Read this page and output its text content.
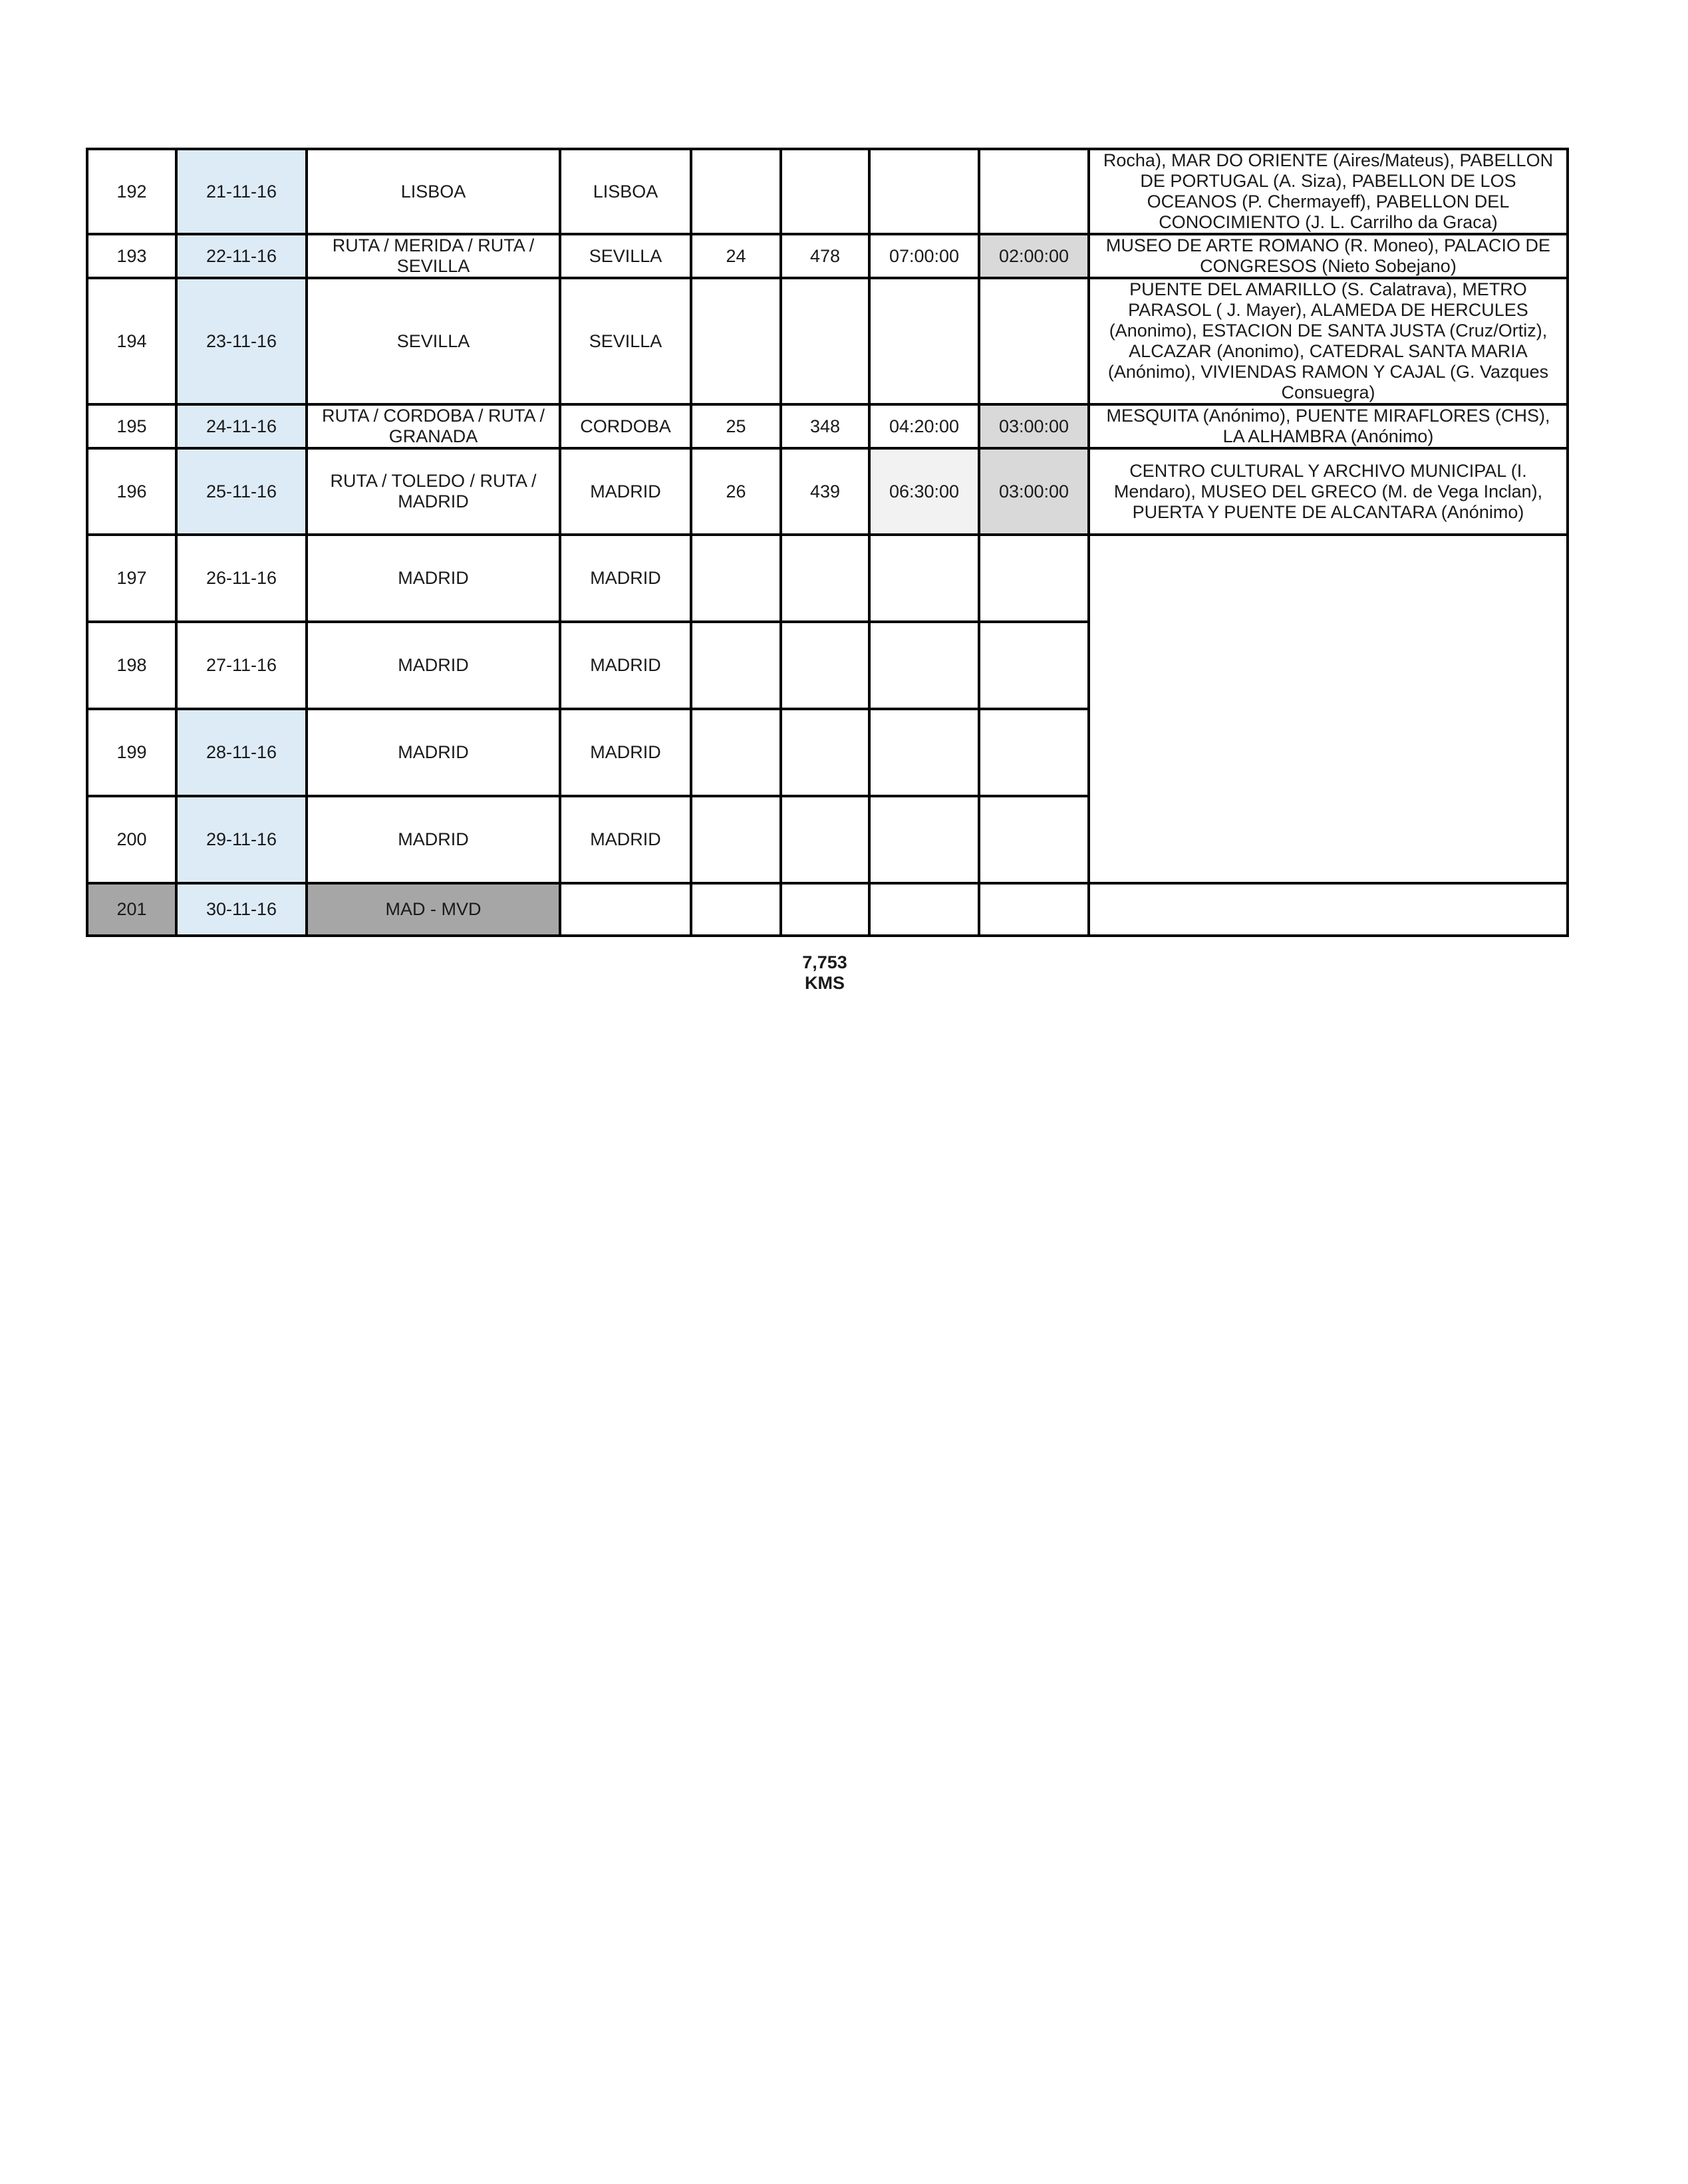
192	21-11-16	LISBOA	LISBOA					Rocha), MAR DO ORIENTE (Aires/Mateus), PABELLON DE PORTUGAL (A. Siza), PABELLON DE LOS OCEANOS (P. Chermayeff), PABELLON DEL CONOCIMIENTO (J. L. Carrilho da Graca)
193	22-11-16	RUTA / MERIDA / RUTA / SEVILLA	SEVILLA	24	478	07:00:00	02:00:00	MUSEO DE ARTE ROMANO (R. Moneo), PALACIO DE CONGRESOS (Nieto Sobejano)
194	23-11-16	SEVILLA	SEVILLA					PUENTE DEL AMARILLO (S. Calatrava), METRO PARASOL ( J. Mayer), ALAMEDA DE HERCULES (Anonimo), ESTACION DE SANTA JUSTA (Cruz/Ortiz), ALCAZAR (Anonimo), CATEDRAL SANTA MARIA (Anónimo), VIVIENDAS RAMON Y CAJAL (G. Vazques Consuegra)
195	24-11-16	RUTA / CORDOBA / RUTA / GRANADA	CORDOBA	25	348	04:20:00	03:00:00	MESQUITA (Anónimo), PUENTE MIRAFLORES (CHS), LA ALHAMBRA (Anónimo)
196	25-11-16	RUTA / TOLEDO / RUTA / MADRID	MADRID	26	439	06:30:00	03:00:00	CENTRO CULTURAL Y ARCHIVO MUNICIPAL (I. Mendaro), MUSEO DEL GRECO (M. de Vega Inclan), PUERTA Y PUENTE DE ALCANTARA (Anónimo)
197	26-11-16	MADRID	MADRID					
198	27-11-16	MADRID	MADRID					
199	28-11-16	MADRID	MADRID					
200	29-11-16	MADRID	MADRID					
201	30-11-16	MAD - MVD						
7,753
KMS
